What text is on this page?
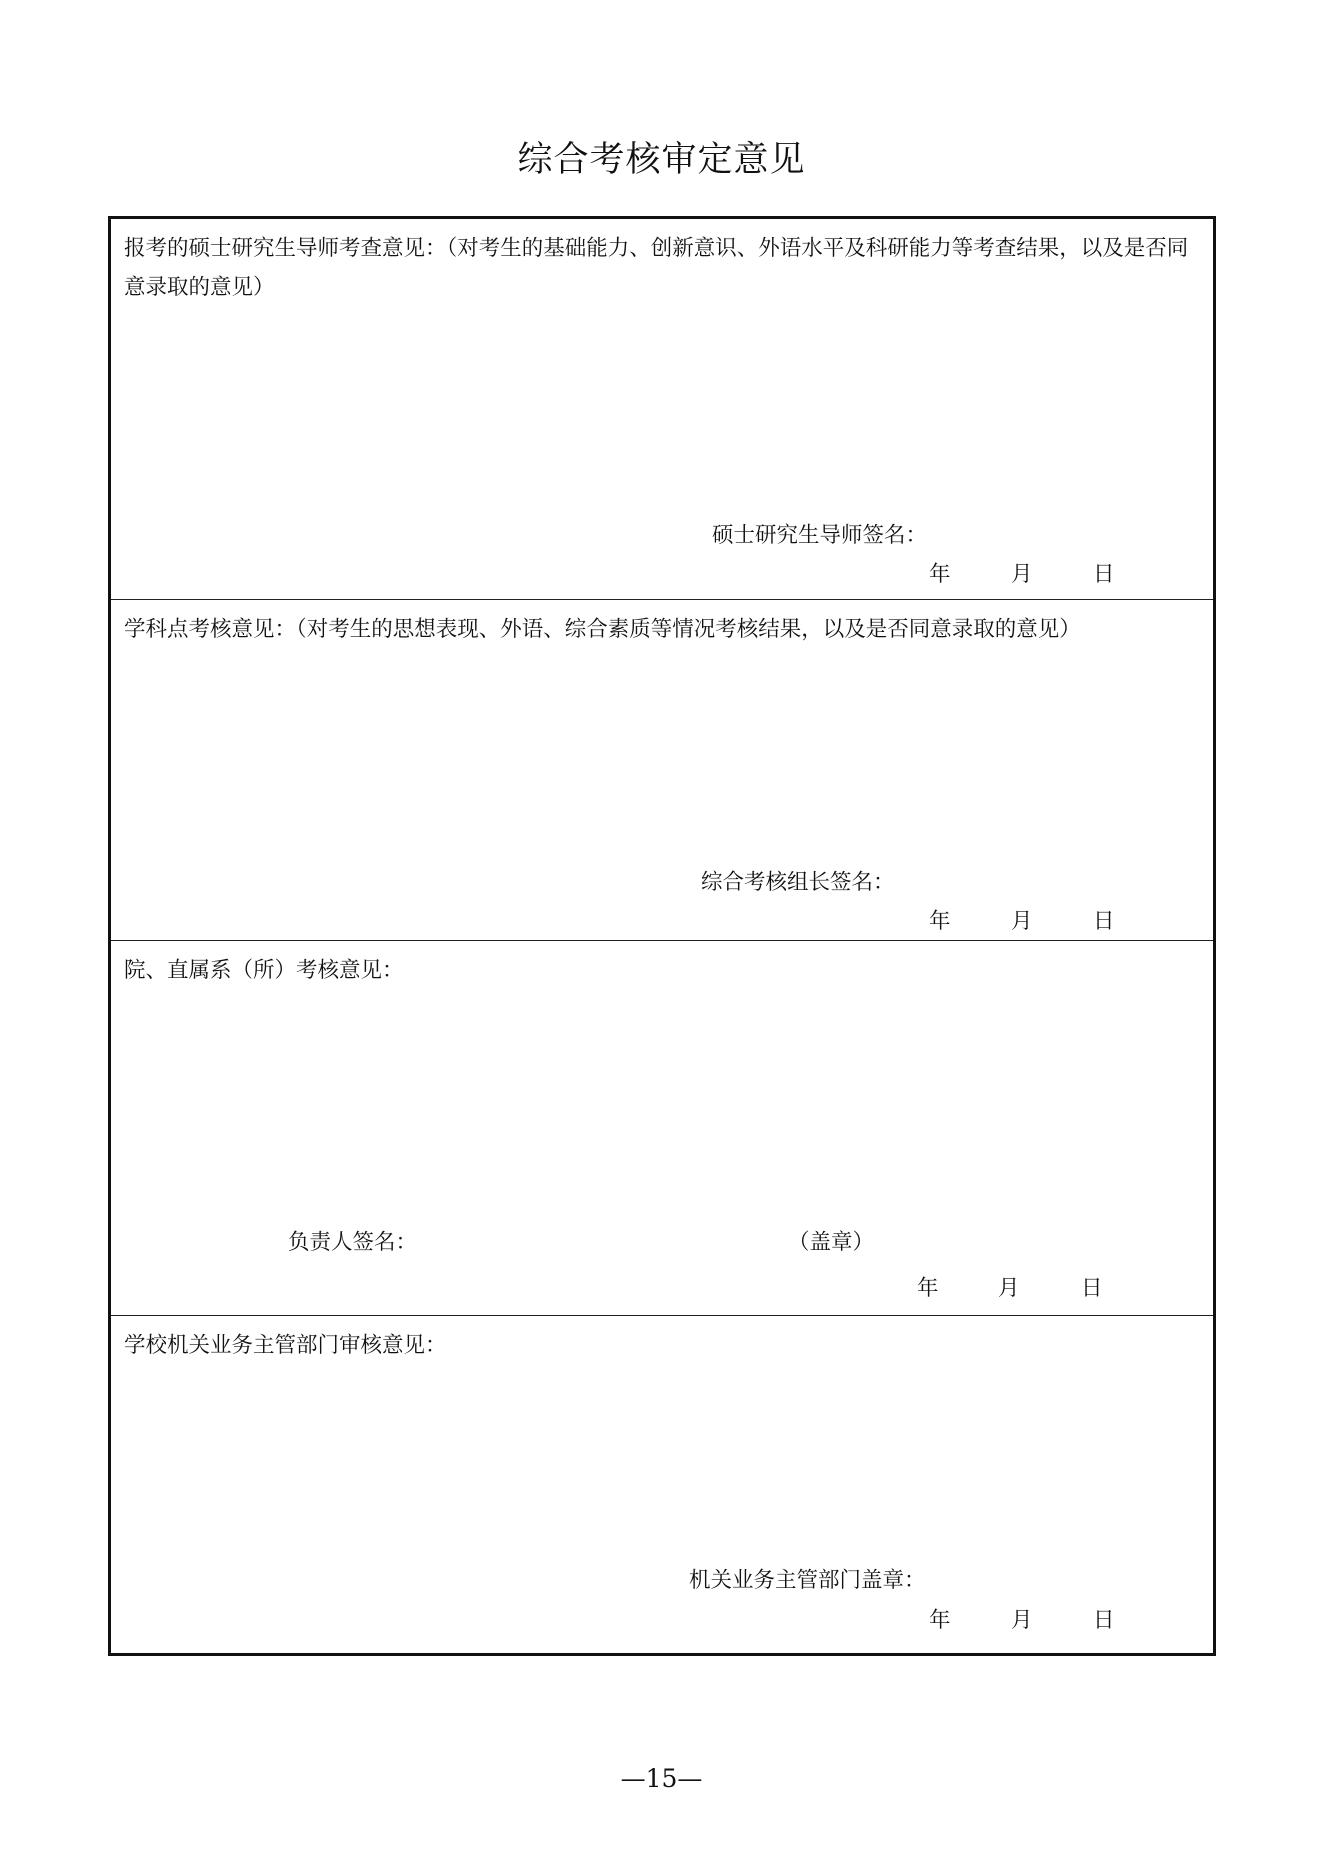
综合考核审定意见
报考的硕士研究生导师考查意见：（对考生的基础能力、创新意识、外语水平及科研能力等考查结果，以及是否同意录取的意见）
硕士研究生导师签名：
年	月	日
学科点考核意见：（对考生的思想表现、外语、综合素质等情况考核结果，以及是否同意录取的意见）
综合考核组长签名：
年	月	日
院、直属系（所）考核意见：
负责人签名：	（盖章）
年	月	日
学校机关业务主管部门审核意见：
机关业务主管部门盖章：
年	月	日
—15—
